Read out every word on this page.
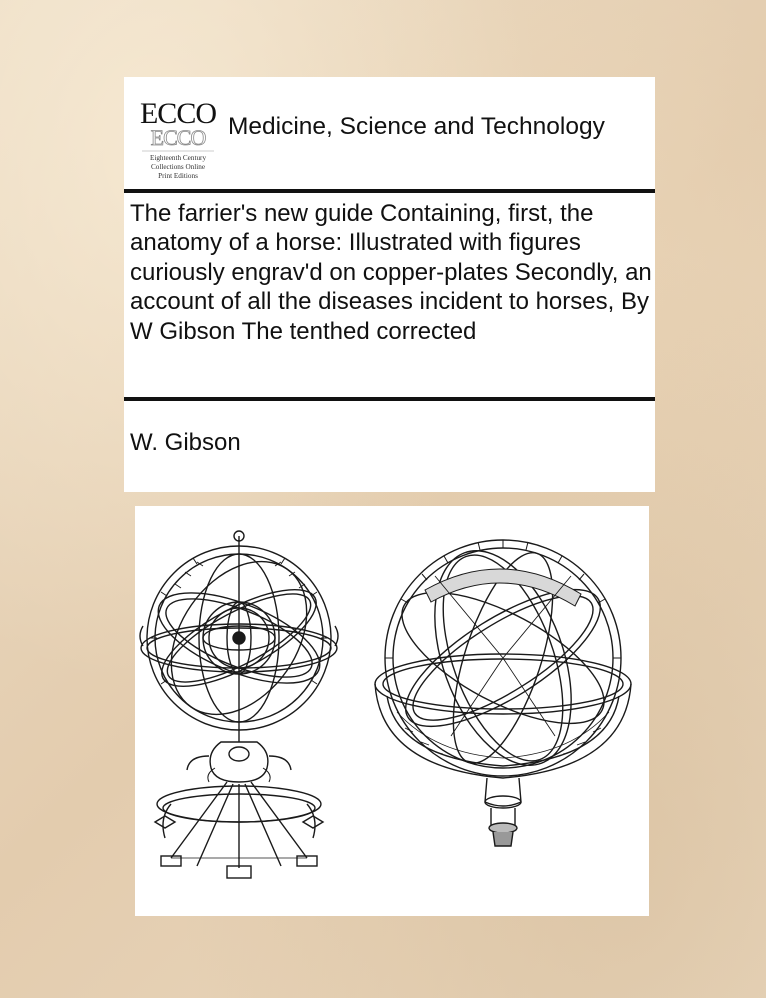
ECCO
ECCO
Eighteenth Century
Collections Online
Print Editions
Medicine, Science and Technology
The farrier's new guide Containing, first, the anatomy of a horse: Illustrated with figures curiously engrav'd on copper-plates Secondly, an account of all the diseases incident to horses, By W Gibson The tenthed corrected
W. Gibson
